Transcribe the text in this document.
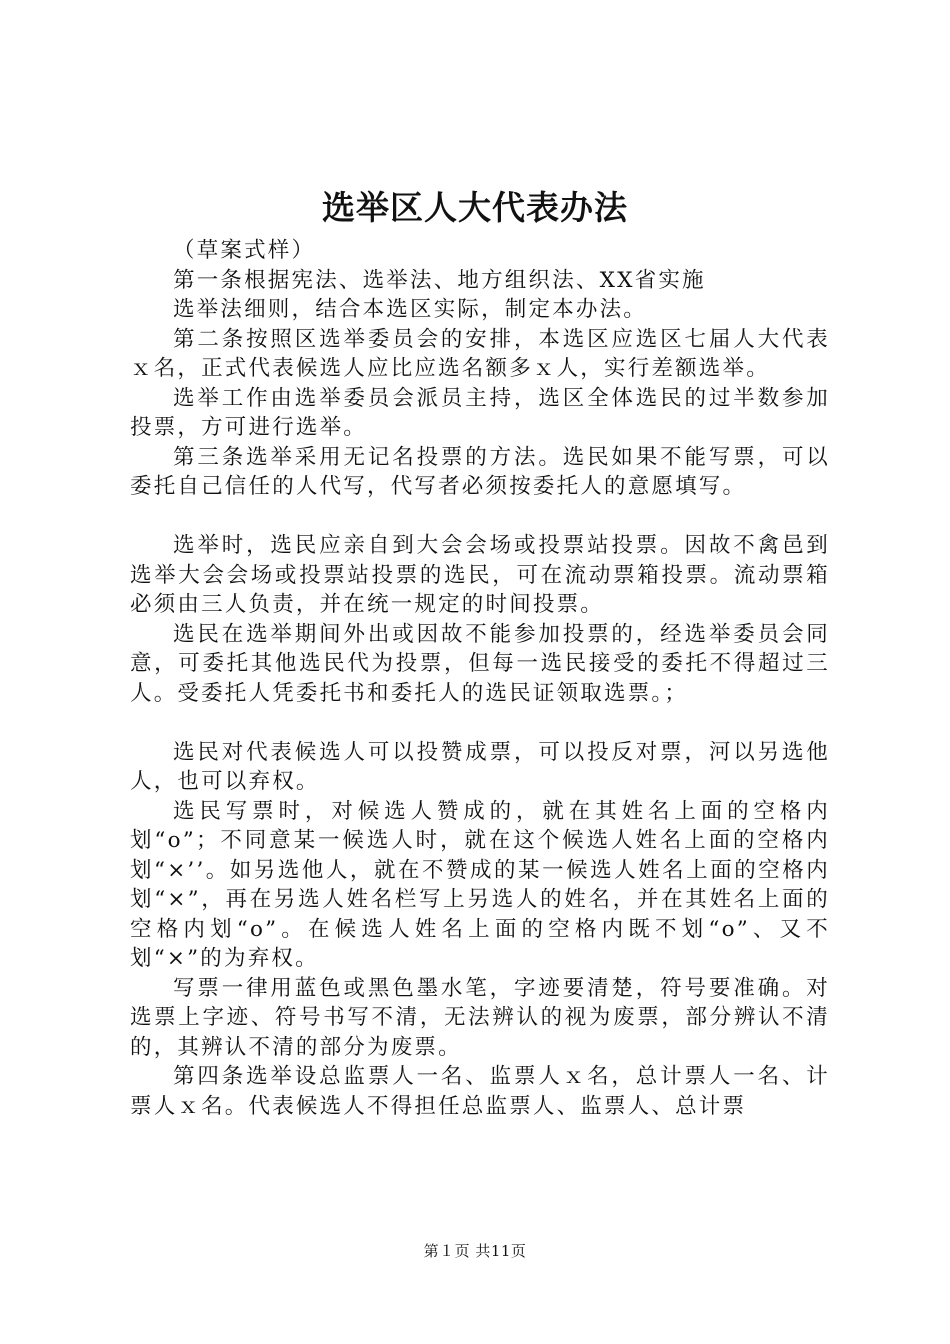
选举区人大代表办法

（草案式样）

第一条根据宪法、选举法、地方组织法、XX省实施

选举法细则，结合本选区实际，制定本办法。

第二条按照区选举委员会的安排，本选区应选区七届人大代表ｘ名，正式代表候选人应比应选名额多ｘ人，实行差额选举。

选举工作由选举委员会派员主持，选区全体选民的过半数参加投票，方可进行选举。

第三条选举采用无记名投票的方法。选民如果不能写票，可以委托自己信任的人代写，代写者必须按委托人的意愿填写。

选举时，选民应亲自到大会会场或投票站投票。因故不禽邑到选举大会会场或投票站投票的选民，可在流动票箱投票。流动票箱必须由三人负责，并在统一规定的时间投票。

选民在选举期间外出或因故不能参加投票的，经选举委员会同意，可委托其他选民代为投票，但每一选民接受的委托不得超过三人。受委托人凭委托书和委托人的选民证领取选票。；

选民对代表候选人可以投赞成票，可以投反对票，河以另选他人，也可以弃权。

选民写票时，对候选人赞成的，就在其姓名上面的空格内划“o”；不同意某一候选人时，就在这个候选人姓名上面的空格内划“×’’。如另选他人，就在不赞成的某一候选人姓名上面的空格内划“×”，再在另选人姓名栏写上另选人的姓名，并在其姓名上面的空格内划“o”。在候选人姓名上面的空格内既不划“o”、又不划“×”的为弃权。

写票一律用蓝色或黑色墨水笔，字迹要清楚，符号要准确。对选票上字迹、符号书写不清，无法辨认的视为废票，部分辨认不清的，其辨认不清的部分为废票。

第四条选举设总监票人一名、监票人ｘ名，总计票人一名、计票人ｘ名。代表候选人不得担任总监票人、监票人、总计票

第１页 共11页
